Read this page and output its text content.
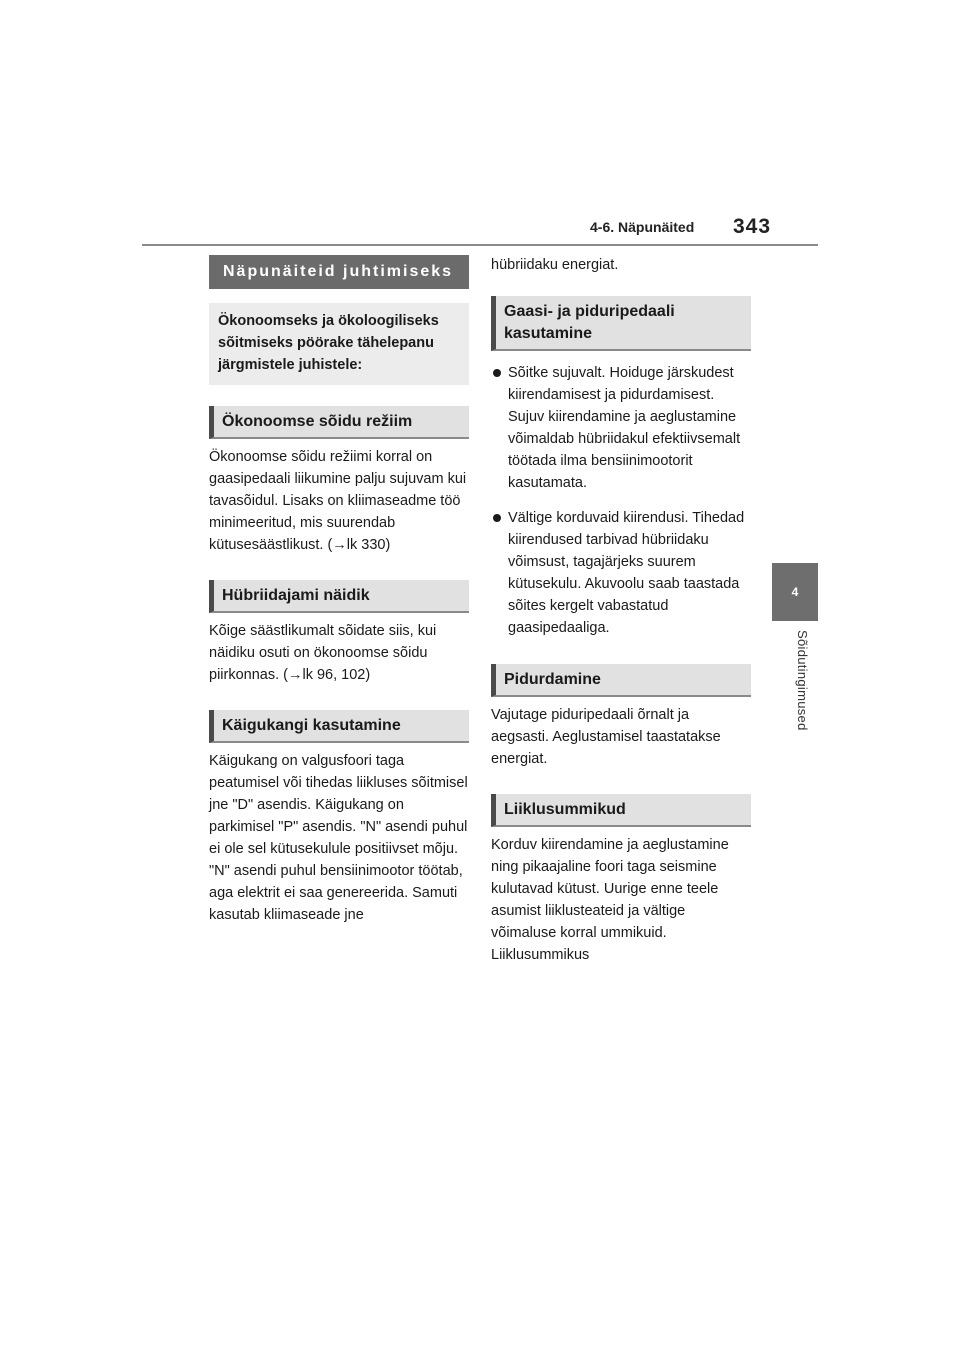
4-6. Näpunäited 343
4
Sõidutingimused
Näpunäiteid juhtimiseks
Ökonoomseks ja ökoloogiliseks sõitmiseks pöörake tähelepanu järgmistele juhistele:
Ökonoomse sõidu režiim

Ökonoomse sõidu režiimi korral on gaasipedaali liikumine palju sujuvam kui tavasõidul. Lisaks on kliimaseadme töö minimeeritud, mis suurendab kütusesäästlikust. (→lk 330)

Hübriidajami näidik

Kõige säästlikumalt sõidate siis, kui näidiku osuti on ökonoomse sõidu piirkonnas. (→lk 96, 102)

Käigukangi kasutamine

Käigukang on valgusfoori taga peatumisel või tihedas liikluses sõitmisel jne "D" asendis. Käigukang on parkimisel "P" asendis. "N" asendi puhul ei ole sel kütusekulule positiivset mõju. "N" asendi puhul bensiinimootor töötab, aga elektrit ei saa genereerida. Samuti kasutab kliimaseade jne

hübriidaku energiat.

Gaasi- ja piduripedaali kasutamine

Sõitke sujuvalt. Hoiduge järskudest kiirendamisest ja pidurdamisest. Sujuv kiirendamine ja aeglustamine võimaldab hübriidakul efektiivsemalt töötada ilma bensiinimootorit kasutamata.

Vältige korduvaid kiirendusi. Tihedad kiirendused tarbivad hübriidaku võimsust, tagajärjeks suurem kütusekulu. Akuvoolu saab taastada sõites kergelt vabastatud gaasipedaaliga.

Pidurdamine

Vajutage piduripedaali õrnalt ja aegsasti. Aeglustamisel taastatakse energiat.

Liiklusummikud

Korduv kiirendamine ja aeglustamine ning pikaajaline foori taga seismine kulutavad kütust. Uurige enne teele asumist liiklusteateid ja vältige võimaluse korral ummikuid. Liiklusummikus
